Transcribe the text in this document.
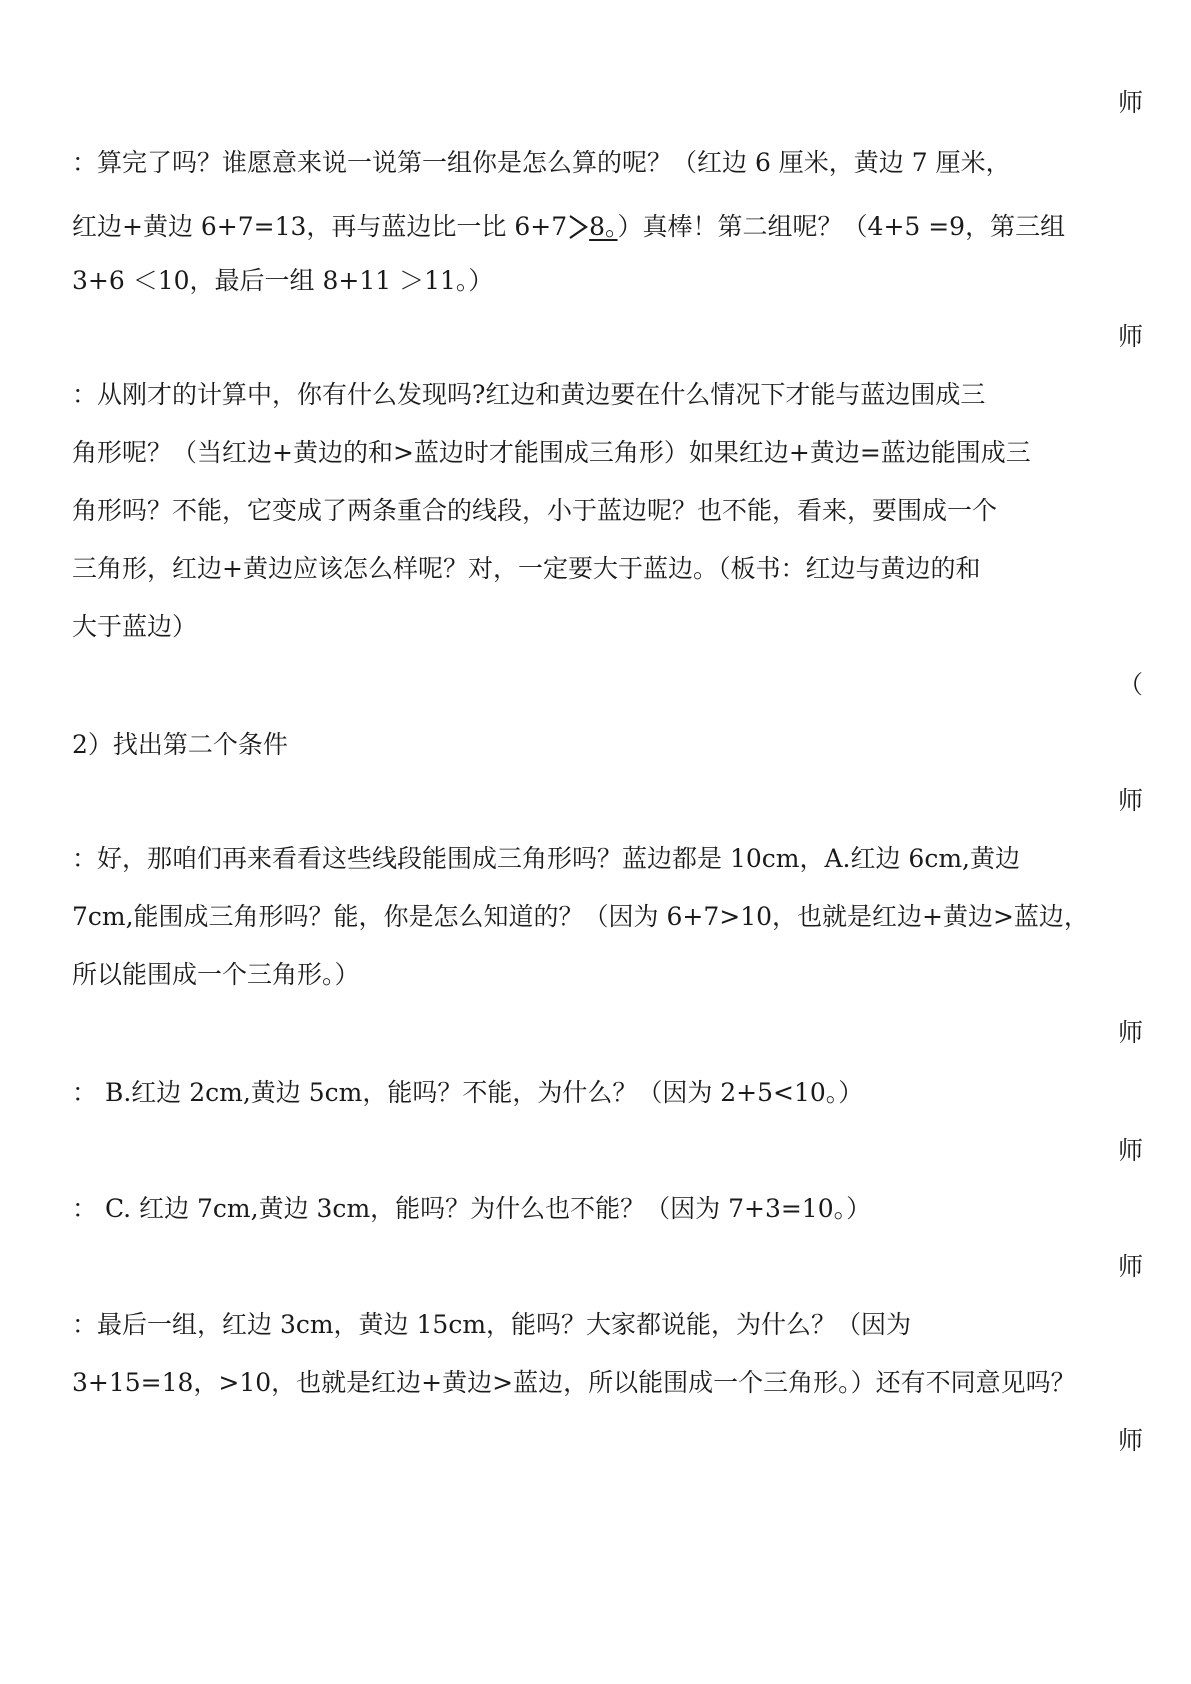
师
：算完了吗？谁愿意来说一说第一组你是怎么算的呢？（红边 6 厘米，黄边 7 厘米，
红边+黄边 6+7=13，再与蓝边比一比 6+7 8。）真棒！第二组呢？（4+5 =9，第三组
3+6 ＜10，最后一组 8+11 ＞11。）
师
：从刚才的计算中，你有什么发现吗?红边和黄边要在什么情况下才能与蓝边围成三
角形呢？（当红边+黄边的和>蓝边时才能围成三角形）如果红边+黄边=蓝边能围成三
角形吗？不能，它变成了两条重合的线段，小于蓝边呢？也不能，看来，要围成一个
三角形，红边+黄边应该怎么样呢？对，一定要大于蓝边。（板书：红边与黄边的和
大于蓝边）
（
2）找出第二个条件
师
：好，那咱们再来看看这些线段能围成三角形吗？蓝边都是 10cm，A.红边 6cm,黄边
7cm,能围成三角形吗？能，你是怎么知道的？（因为 6+7>10，也就是红边+黄边>蓝边，
所以能围成一个三角形。）
师
： B.红边 2cm,黄边 5cm，能吗？不能，为什么？（因为 2+5<10。）
师
： C. 红边 7cm,黄边 3cm，能吗？为什么也不能？（因为 7+3=10。）
师
：最后一组，红边 3cm，黄边 15cm，能吗？大家都说能，为什么？（因为
3+15=18，>10，也就是红边+黄边>蓝边，所以能围成一个三角形。）还有不同意见吗？
师
